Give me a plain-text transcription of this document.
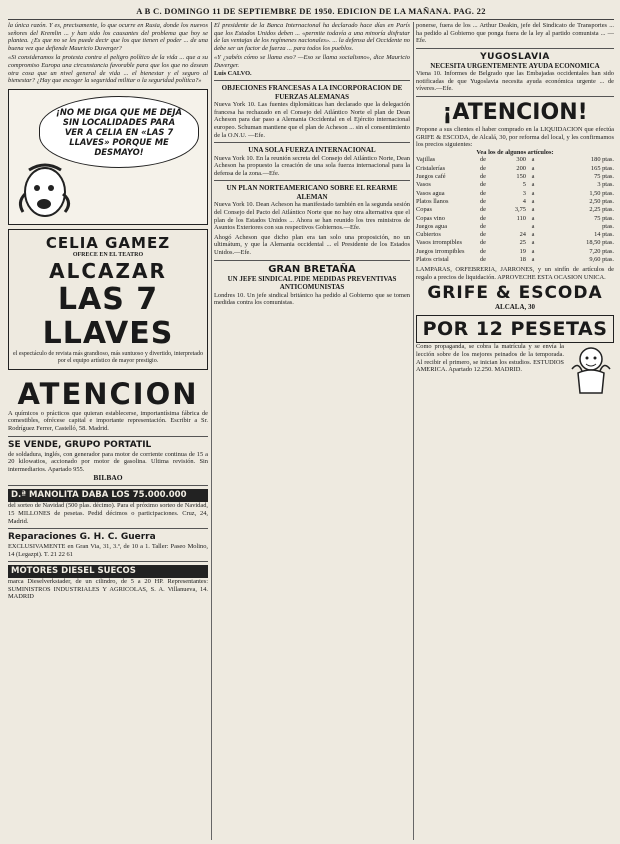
A B C. DOMINGO 11 DE SEPTIEMBRE DE 1950. EDICION DE LA MAÑANA. PAG. 22

la única razón. Y es, precisamente, lo que ocurre en Rusia, donde los nuevos señores del Kremlin ... y han sido los causantes del problema que hoy se plantea. ¿Es que no se les puede decir que los que tienen el poder ... de una buena vez que defiende Mauricio Duverger?

«Si consideramos la protesta contra el peligro político de la vida ... que a su compromiso Europa una circunstancia favorable para que los que no desean otra cosa que un nivel general de vida ... el bienestar y el seguro al bienestar? ¿Hay que escoger la seguridad militar o la seguridad política?»

¡NO ME DIGA QUE ME DEJA SIN LOCALIDADES PARA VER A CELIA EN «LAS 7 LLAVES» PORQUE ME DESMAYO!
CELIA GAMEZ
OFRECE EN EL TEATRO
ALCAZAR
LAS 7 LLAVES
el espectáculo de revista más grandioso, más suntuoso y divertido, interpretado por el equipo artístico de mayor prestigio.
ATENCION

A químicos o prácticos que quieran establecerse, importantísima fábrica de comestibles, ofrécese capital e importante representación. Escribir a Sr. Rodríguez Ferrer, Castelló, 58. Madrid.

SE VENDE, GRUPO PORTATIL

de soldadura, inglés, con generador para motor de corriente continua de 15 a 20 kilowatios, accionado por motor de gasolina. Ultima revisión. Sin intermediarios. Apartado 955.

BILBAO
D.ª MANOLITA DABA LOS 75.000.000

del sorteo de Navidad (500 plas. décimo). Para el próximo sorteo de Navidad, 15 MILLONES de pesetas. Pedid décimos o participaciones. Cruz, 24, Madrid.

Reparaciones G. H. C. Guerra

EXCLUSIVAMENTE en Gran Via, 31, 3.º, de 10 a 1. Taller: Paseo Molino, 14 (Legazpi). T. 21 22 61

MOTORES DIESEL SUECOS

marca Dieselverkstader, de un cilindro, de 5 a 20 HP. Representantes: SUMINISTROS INDUSTRIALES Y AGRICOLAS, S. A. Villanueva, 14. MADRID

El presidente de la Banca Internacional ha declarado hace días en París que los Estados Unidos deben ... «permite todavía a una minoría disfrutar de las ventajas de los regímenes nacionales». ... la defensa del Occidente no debe ser un factor de fuerza ... para todos los pueblos.

«Y ¿sabéis cómo se llama eso? —Eso se llama socialismo», dice Mauricio Duverger.

Luis CALVO.

OBJECIONES FRANCESAS A LA INCORPORACION DE FUERZAS ALEMANAS

Nueva York 10. Las fuentes diplomáticas han declarado que la delegación francesa ha rechazado en el Consejo del Atlántico Norte el plan de Dean Acheson para dar paso a Alemania Occidental en el Ejército internacional europeo. Schuman mantiene que el plan de Acheson ... sin el consentimiento de la O.N.U. —Efe.

UNA SOLA FUERZA INTERNACIONAL

Nueva York 10. En la reunión secreta del Consejo del Atlántico Norte, Dean Acheson ha propuesto la creación de una sola fuerza internacional para la defensa de la zona.—Efe.

UN PLAN NORTEAMERICANO SOBRE EL REARME ALEMAN

Nueva York 10. Dean Acheson ha manifestado también en la segunda sesión del Consejo del Pacto del Atlántico Norte que no hay otra alternativa que el plan de los Estados Unidos ... Ahora se han reunido los tres ministros de Asuntos Exteriores con sus respectivos Gobiernos.—Efe.

Ahogó Acheson que dicho plan era tan solo una proposición, no un ultimátum, y que la Alemania occidental ... el Presidente de los Estados Unidos.—Efe.

GRAN BRETAÑA
UN JEFE SINDICAL PIDE MEDIDAS PREVENTIVAS ANTICOMUNISTAS

Londres 10. Un jefe sindical británico ha pedido al Gobierno que se tomen medidas contra los comunistas.

ponerse, fuera de los ... Arthur Deakin, jefe del Sindicato de Transportes ... ha pedido al Gobierno que ponga fuera de la ley al partido comunista ... —Efe.

YUGOSLAVIA
NECESITA URGENTEMENTE AYUDA ECONOMICA

Viena 10. Informes de Belgrado que las Embajadas occidentales han sido notificadas de que Yugoslavia necesita ayuda económica urgente ... de víveres.—Efe.

¡ATENCION!

Propone a sus clientes el haber comprado en la LIQUIDACION que efectúa GRIFE & ESCODA, de Alcalá, 30, por reforma del local, y les confirmamos los precios siguientes:

Vea los de algunos artículos:

Vajillas	de	300 a	180 ptas.
Cristalerías	de	200 a	165 ptas.
Juegos café	de	150 a	75 ptas.
Vasos	de	5 a	3 ptas.
Vasos agua	de	3 a	1,50 ptas.
Platos llanos	de	4 a	2,50 ptas.
Copas	de	3,75 a	2,25 ptas.
Copas vino	de	110 a	75 ptas.
Juegos agua	de	a	ptas.
Cubiertos	de	24 a	14 ptas.
Vasos irrompibles	de	25 a	18,50 ptas.
Juegos irrompibles	de	19 a	7,20 ptas.
Platos cristal	de	18 a	9,60 ptas.

LAMPARAS, ORFEBRERIA, JARRONES, y un sinfín de artículos de regalo a precios de liquidación. APROVECHE ESTA OCASION UNICA.

GRIFE & ESCODA
ALCALA, 30
POR 12 PESETAS

Como propaganda, se cobra la matrícula y se envía la lección sobre de los mejores peinados de la temporada. Al recibir el primero, se inician los estudios. ESTUDIOS AMERICA. Apartado 12.250. MADRID.
